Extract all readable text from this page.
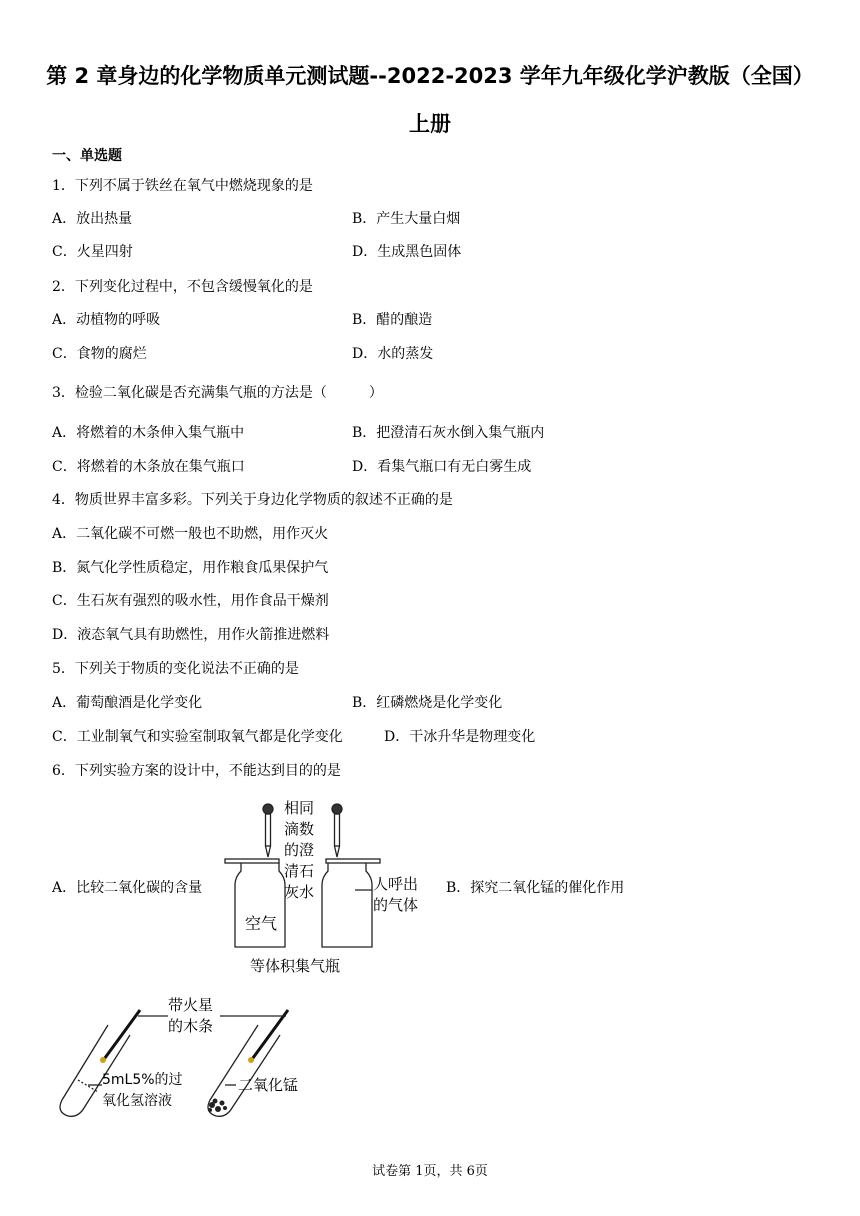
第 2 章身边的化学物质单元测试题--2022-2023 学年九年级化学沪教版（全国）
上册
一、单选题
1．下列不属于铁丝在氧气中燃烧现象的是
A．放出热量	B．产生大量白烟
C．火星四射	D．生成黑色固体
2．下列变化过程中，不包含缓慢氧化的是
A．动植物的呼吸	B．醋的酿造
C．食物的腐烂	D．水的蒸发
3．检验二氧化碳是否充满集气瓶的方法是（　　　）
A．将燃着的木条伸入集气瓶中	B．把澄清石灰水倒入集气瓶内
C．将燃着的木条放在集气瓶口	D．看集气瓶口有无白雾生成
4．物质世界丰富多彩。下列关于身边化学物质的叙述不正确的是
A．二氧化碳不可燃一般也不助燃，用作灭火
B．氮气化学性质稳定，用作粮食瓜果保护气
C．生石灰有强烈的吸水性，用作食品干燥剂
D．液态氧气具有助燃性，用作火箭推进燃料
5．下列关于物质的变化说法不正确的是
A．葡萄酿酒是化学变化	B．红磷燃烧是化学变化
C．工业制氧气和实验室制取氧气都是化学变化	D．干冰升华是物理变化
6．下列实验方案的设计中，不能达到目的的是
A．比较二氧化碳的含量	B．探究二氧化锰的催化作用
相同 滴数 的澄 清石 灰水
空气
人呼出 的气体
等体积集气瓶
带火星 的木条
5mL5%的过 氧化氢溶液
二氧化锰
试卷第 1页，共 6页
